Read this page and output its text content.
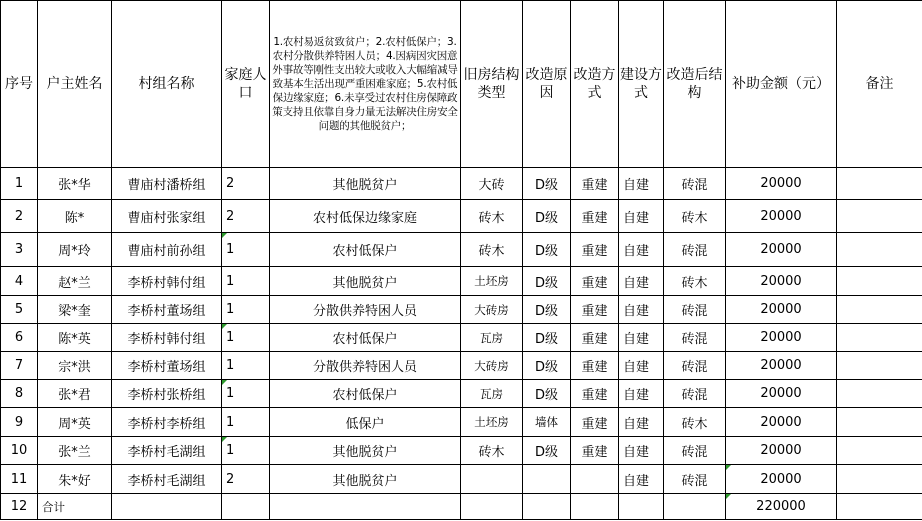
序号	户主姓名	村组名称	家庭人口	1.农村易返贫致贫户；2.农村低保户；3.农村分散供养特困人员；4.因病因灾因意外事故等刚性支出较大或收入大幅缩减导致基本生活出现严重困难家庭；5.农村低保边缘家庭；6.未享受过农村住房保障政策支持且依靠自身力量无法解决住房安全问题的其他脱贫户；	旧房结构类型	改造原因	改造方式	建设方式	改造后结构	补助金额（元）	备注
1	张*华	曹庙村潘桥组	2	其他脱贫户	大砖	D级	重建	自建	砖混	20000	
2	陈*	曹庙村张家组	2	农村低保边缘家庭	砖木	D级	重建	自建	砖木	20000	
3	周*玲	曹庙村前孙组	1	农村低保户	砖木	D级	重建	自建	砖混	20000	
4	赵*兰	李桥村韩付组	1	其他脱贫户	土坯房	D级	重建	自建	砖木	20000	
5	梁*奎	李桥村董场组	1	分散供养特困人员	大砖房	D级	重建	自建	砖混	20000	
6	陈*英	李桥村韩付组	1	农村低保户	瓦房	D级	重建	自建	砖混	20000	
7	宗*洪	李桥村董场组	1	分散供养特困人员	大砖房	D级	重建	自建	砖混	20000	
8	张*君	李桥村张桥组	1	农村低保户	瓦房	D级	重建	自建	砖混	20000	
9	周*英	李桥村李桥组	1	低保户	土坯房	墙体	重建	自建	砖木	20000	
10	张*兰	李桥村毛湖组	1	其他脱贫户	砖木	D级	重建	自建	砖混	20000	
11	朱*好	李桥村毛湖组	2	其他脱贫户				自建	砖混	20000	
12	合计									220000	
